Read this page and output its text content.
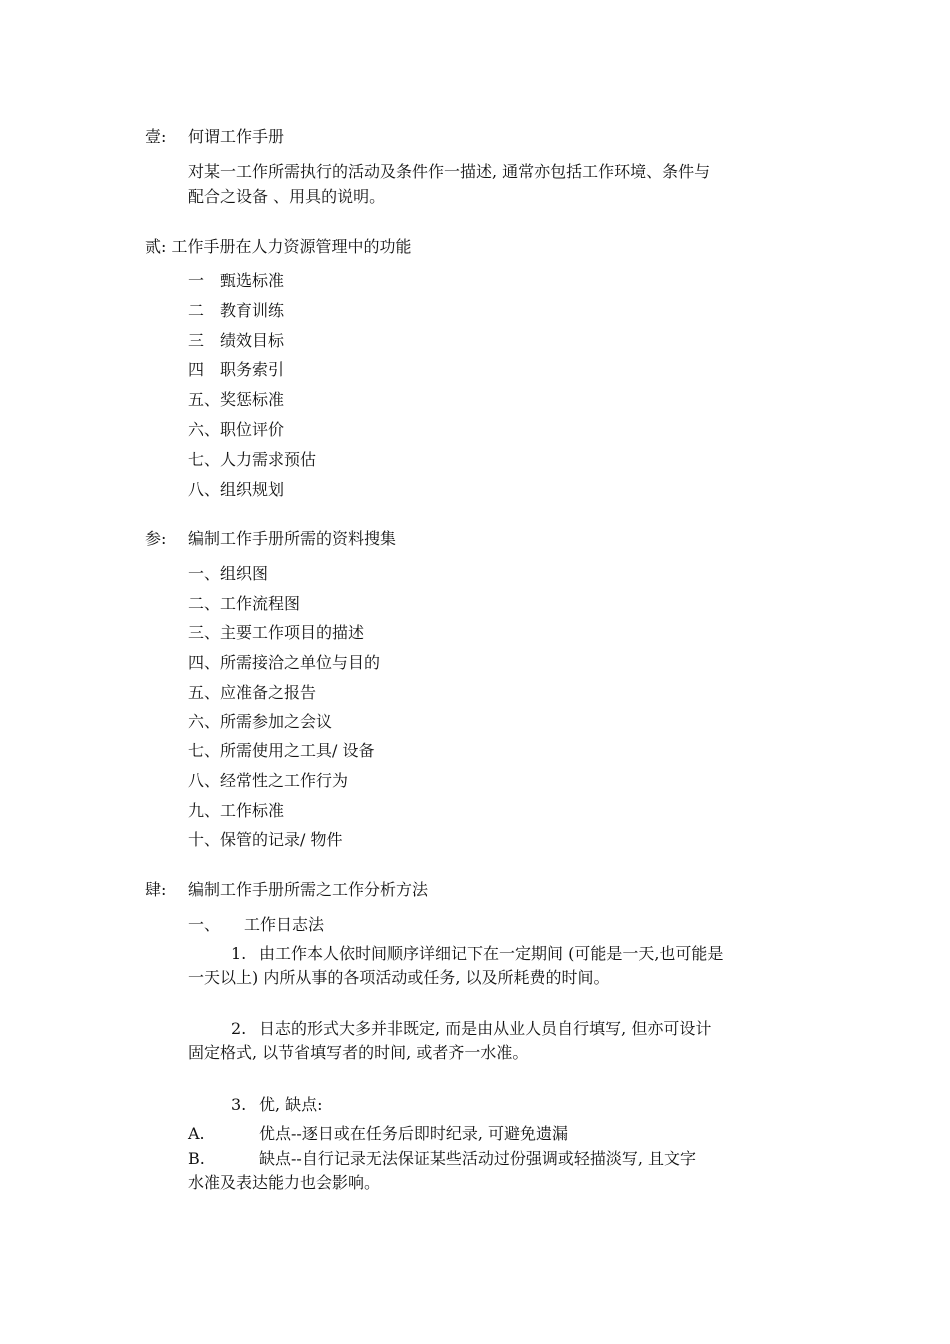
壹: 何谓工作手册
对某一工作所需执行的活动及条件作一描述, 通常亦包括工作环境、条件与
配合之设备 、用具的说明。
贰: 工作手册在人力资源管理中的功能
一　甄选标准
二　教育训练
三　绩效目标
四　职务索引
五、奖惩标准
六、职位评价
七、人力需求预估
八、组织规划
参: 编制工作手册所需的资料搜集
一、组织图
二、工作流程图
三、主要工作项目的描述
四、所需接洽之单位与目的
五、应准备之报告
六、所需参加之会议
七、所需使用之工具/ 设备
八、经常性之工作行为
九、工作标准
十、保管的记录/ 物件
肆: 编制工作手册所需之工作分析方法
一、 工作日志法
1. 由工作本人依时间顺序详细记下在一定期间 (可能是一天,也可能是
一天以上) 内所从事的各项活动或任务, 以及所耗费的时间。
2. 日志的形式大多并非既定, 而是由从业人员自行填写, 但亦可设计
固定格式, 以节省填写者的时间, 或者齐一水准。
3. 优, 缺点:
A.	优点--逐日或在任务后即时纪录, 可避免遗漏
B.	缺点--自行记录无法保证某些活动过份强调或轻描淡写, 且文字
水准及表达能力也会影响。
